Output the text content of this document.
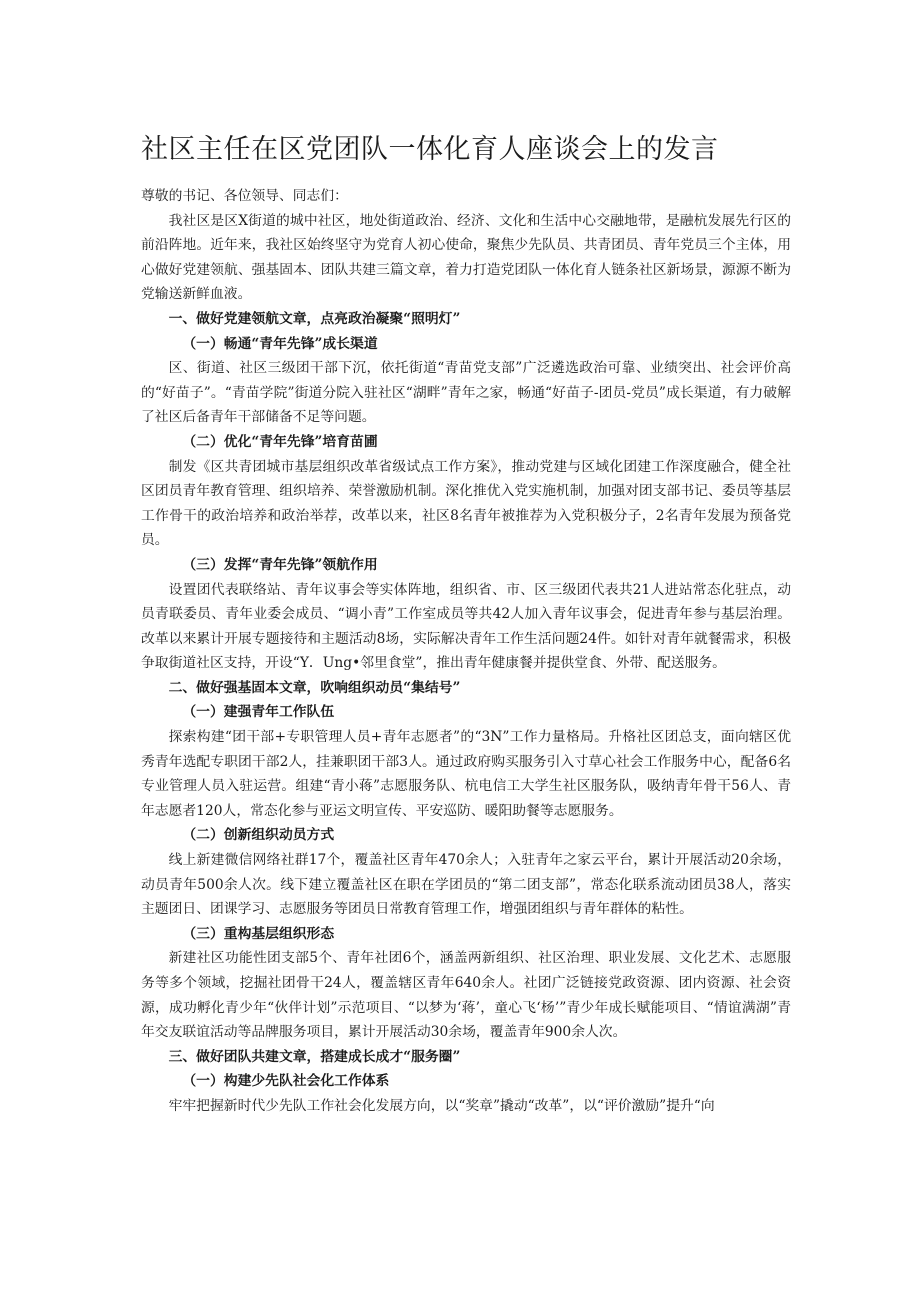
社区主任在区党团队一体化育人座谈会上的发言

尊敬的书记、各位领导、同志们：

我社区是区X街道的城中社区，地处街道政治、经济、文化和生活中心交融地带，是融杭发展先行区的前沿阵地。近年来，我社区始终坚守为党育人初心使命，聚焦少先队员、共青团员、青年党员三个主体，用心做好党建领航、强基固本、团队共建三篇文章，着力打造党团队一体化育人链条社区新场景，源源不断为党输送新鲜血液。

一、做好党建领航文章，点亮政治凝聚“照明灯”

（一）畅通“青年先锋”成长渠道

区、街道、社区三级团干部下沉，依托街道“青苗党支部”广泛遴选政治可靠、业绩突出、社会评价高的“好苗子”。“青苗学院”街道分院入驻社区“湖畔”青年之家，畅通“好苗子-团员-党员”成长渠道，有力破解了社区后备青年干部储备不足等问题。

（二）优化“青年先锋”培育苗圃

制发《区共青团城市基层组织改革省级试点工作方案》，推动党建与区域化团建工作深度融合，健全社区团员青年教育管理、组织培养、荣誉激励机制。深化推优入党实施机制，加强对团支部书记、委员等基层工作骨干的政治培养和政治举荐，改革以来，社区8名青年被推荐为入党积极分子，2名青年发展为预备党员。

（三）发挥“青年先锋”领航作用

设置团代表联络站、青年议事会等实体阵地，组织省、市、区三级团代表共21人进站常态化驻点，动员青联委员、青年业委会成员、“调小青”工作室成员等共42人加入青年议事会，促进青年参与基层治理。改革以来累计开展专题接待和主题活动8场，实际解决青年工作生活问题24件。如针对青年就餐需求，积极争取街道社区支持，开设“Y．Ung•邻里食堂”，推出青年健康餐并提供堂食、外带、配送服务。

二、做好强基固本文章，吹响组织动员“集结号”

（一）建强青年工作队伍

探索构建“团干部+专职管理人员+青年志愿者”的“3N”工作力量格局。升格社区团总支，面向辖区优秀青年选配专职团干部2人，挂兼职团干部3人。通过政府购买服务引入寸草心社会工作服务中心，配备6名专业管理人员入驻运营。组建“青小蒋”志愿服务队、杭电信工大学生社区服务队，吸纳青年骨干56人、青年志愿者120人，常态化参与亚运文明宣传、平安巡防、暖阳助餐等志愿服务。

（二）创新组织动员方式

线上新建微信网络社群17个，覆盖社区青年470余人；入驻青年之家云平台，累计开展活动20余场，动员青年500余人次。线下建立覆盖社区在职在学团员的“第二团支部”，常态化联系流动团员38人，落实主题团日、团课学习、志愿服务等团员日常教育管理工作，增强团组织与青年群体的粘性。

（三）重构基层组织形态

新建社区功能性团支部5个、青年社团6个，涵盖两新组织、社区治理、职业发展、文化艺术、志愿服务等多个领域，挖掘社团骨干24人，覆盖辖区青年640余人。社团广泛链接党政资源、团内资源、社会资源，成功孵化青少年“伙伴计划”示范项目、“以梦为‘蒋’，童心飞‘杨’”青少年成长赋能项目、“情谊满湖”青年交友联谊活动等品牌服务项目，累计开展活动30余场，覆盖青年900余人次。

三、做好团队共建文章，搭建成长成才“服务圈”

（一）构建少先队社会化工作体系

牢牢把握新时代少先队工作社会化发展方向，以“奖章”撬动“改革”，以“评价激励”提升“向
